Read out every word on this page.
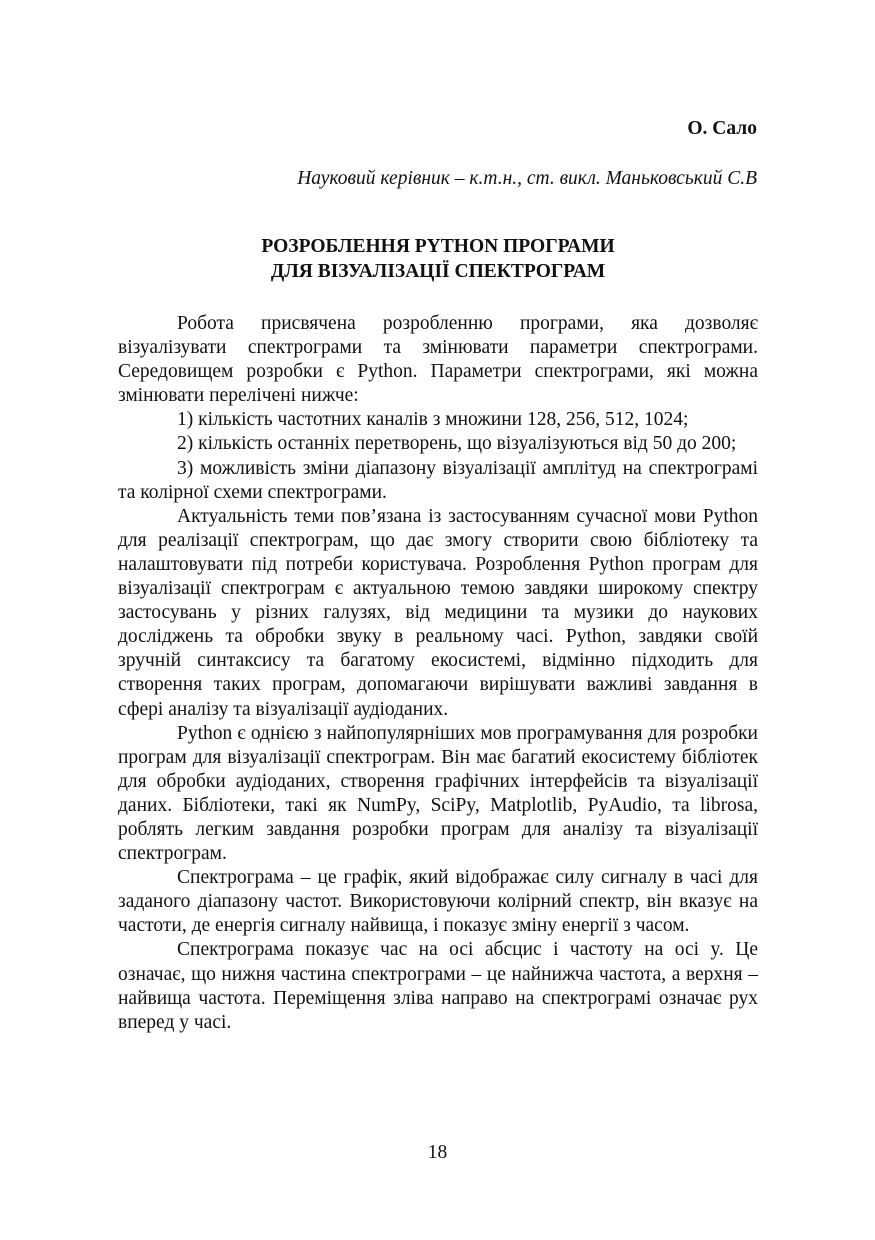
О. Сало
Науковий керівник – к.т.н., ст. викл. Маньковський С.В
РОЗРОБЛЕННЯ PYTHON ПРОГРАМИ
ДЛЯ ВІЗУАЛІЗАЦІЇ СПЕКТРОГРАМ

Робота присвячена розробленню програми, яка дозволяє візуалізувати спектрограми та змінювати параметри спектрограми. Середовищем розробки є Python. Параметри спектрограми, які можна змінювати перелічені нижче:

1) кількість частотних каналів з множини 128, 256, 512, 1024;

2) кількість останніх перетворень, що візуалізуються від 50 до 200;

3) можливість зміни діапазону візуалізації амплітуд на спектрограмі та колірної схеми спектрограми.

Актуальність теми пов’язана із застосуванням сучасної мови Python для реалізації спектрограм, що дає змогу створити свою бібліотеку та налаштовувати під потреби користувача. Розроблення Python програм для візуалізації спектрограм є актуальною темою завдяки широкому спектру застосувань у різних галузях, від медицини та музики до наукових досліджень та обробки звуку в реальному часі. Python, завдяки своїй зручній синтаксису та багатому екосистемі, відмінно підходить для створення таких програм, допомагаючи вирішувати важливі завдання в сфері аналізу та візуалізації аудіоданих.

Python є однією з найпопулярніших мов програмування для розробки програм для візуалізації спектрограм. Він має багатий екосистему бібліотек для обробки аудіоданих, створення графічних інтерфейсів та візуалізації даних. Бібліотеки, такі як NumPy, SciPy, Matplotlib, PyAudio, та librosa, роблять легким завдання розробки програм для аналізу та візуалізації спектрограм.

Спектрограма – це графік, який відображає силу сигналу в часі для заданого діапазону частот. Використовуючи колірний спектр, він вказує на частоти, де енергія сигналу найвища, і показує зміну енергії з часом.

Спектрограма показує час на осі абсцис і частоту на осі y. Це означає, що нижня частина спектрограми – це найнижча частота, а верхня – найвища частота. Переміщення зліва направо на спектрограмі означає рух вперед у часі.

18
